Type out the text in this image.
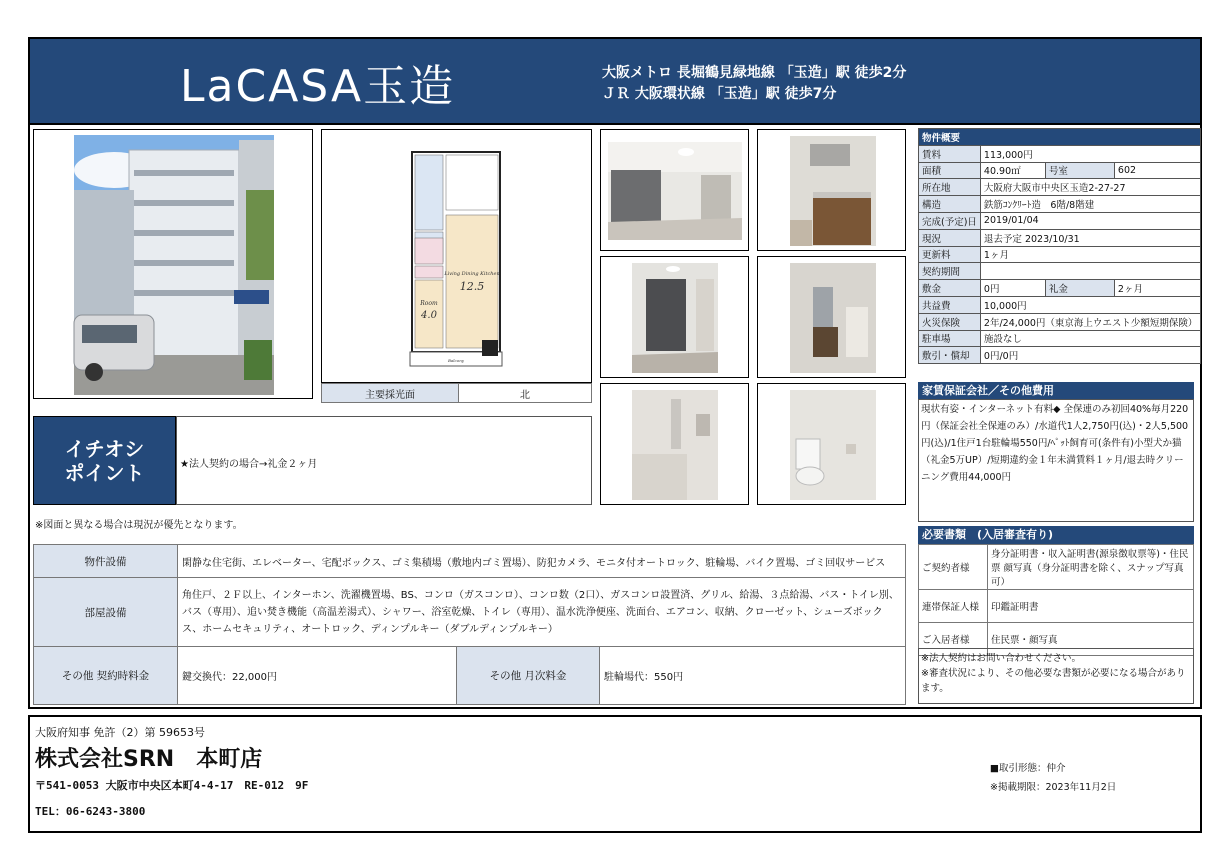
LaCASA玉造	大阪メトロ 長堀鶴見緑地線 「玉造」駅 徒歩2分
ＪＲ 大阪環状線 「玉造」駅 徒歩7分
Living Dining Kitchen
12.5
Room
4.0
Balcony
主要採光面	北
イチオシ
ポイント	★法人契約の場合→礼金２ヶ月
※図面と異なる場合は現況が優先となります。
物件設備	閑静な住宅街、エレベーター、宅配ボックス、ゴミ集積場（敷地内ゴミ置場）、防犯カメラ、モニタ付オートロック、駐輪場、バイク置場、ゴミ回収サービス		
部屋設備	角住戸、２Ｆ以上、インターホン、洗濯機置場、BS、コンロ（ガスコンロ）、コンロ数（2口）、ガスコンロ設置済、グリル、給湯、３点給湯、バス・トイレ別、バス（専用）、追い焚き機能（高温差湯式）、シャワー、浴室乾燥、トイレ（専用）、温水洗浄便座、洗面台、エアコン、収納、クローゼット、シューズボックス、ホームセキュリティ、オートロック、ディンプルキー（ダブルディンプルキー）		
その他 契約時料金	鍵交換代：22,000円	その他 月次料金	駐輪場代：550円
物件概要			
賃料	113,000円		
面積	40.90㎡	号室	602
所在地	大阪府大阪市中央区玉造2-27-27		
構造	鉄筋ｺﾝｸﾘｰﾄ造　6階/8階建		
完成(予定)日	2019/01/04		
現況	退去予定 2023/10/31		
更新料	1ヶ月		
契約期間			
敷金	0円	礼金	2ヶ月
共益費	10,000円		
火災保険	2年/24,000円（東京海上ウエスト少額短期保険）		
駐車場	施設なし		
敷引・償却	0円/0円		
家賃保証会社／その他費用
現状有姿・インターネット有料◆ 全保連のみ初回40%毎月220円（保証会社全保連のみ）/水道代1人2,750円(込)・2人5,500円(込)/1住戸1台駐輪場550円/ﾍﾟｯﾄ飼育可(条件有)小型犬か猫（礼金5万UP）/短期違約金１年未満賃料１ヶ月/退去時クリーニング費用44,000円
必要書類　(入居審査有り)
ご契約者様	身分証明書・収入証明書(源泉徴収票等)・住民票 顔写真（身分証明書を除く、スナップ写真可）
連帯保証人様	印鑑証明書
ご入居者様	住民票・顔写真
※法人契約はお問い合わせください。
※審査状況により、その他必要な書類が必要になる場合があります。
大阪府知事 免許（2）第 59653号
株式会社SRN　本町店
〒541-0053 大阪市中央区本町4-4-17　RE-012　9F
TEL：06-6243-3800
■取引形態：仲介
※掲載期限：2023年11月2日
